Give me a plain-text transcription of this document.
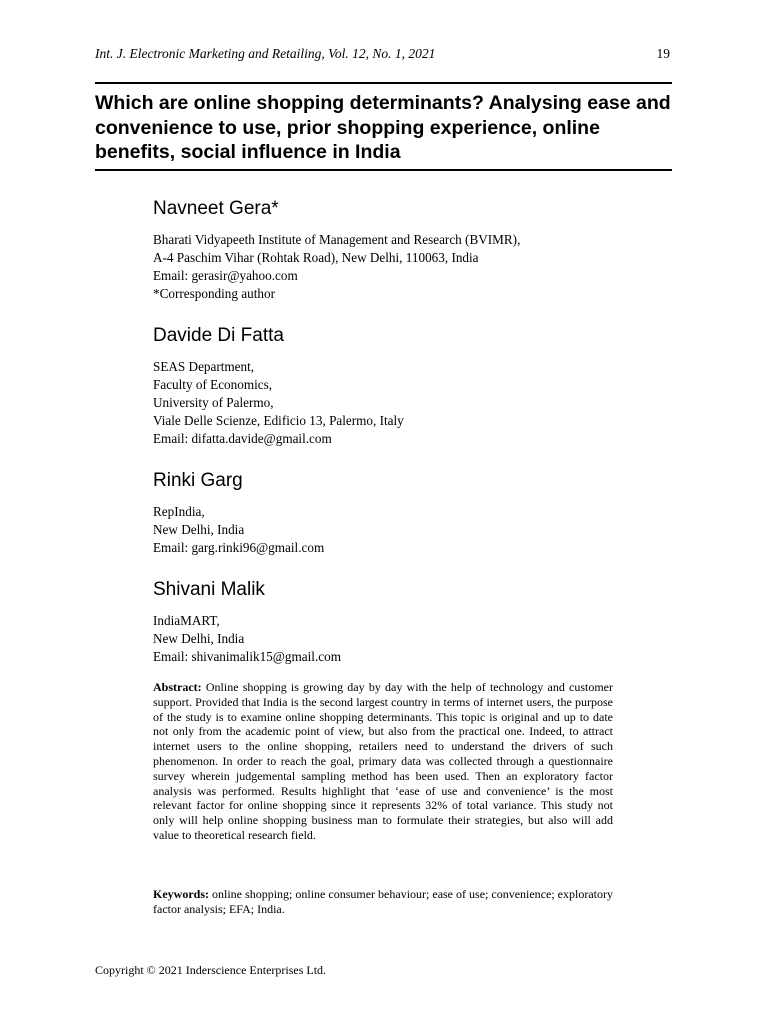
Int. J. Electronic Marketing and Retailing, Vol. 12, No. 1, 2021	19
Which are online shopping determinants? Analysing ease and convenience to use, prior shopping experience, online benefits, social influence in India
Navneet Gera*
Bharati Vidyapeeth Institute of Management and Research (BVIMR),
A-4 Paschim Vihar (Rohtak Road), New Delhi, 110063, India
Email: gerasir@yahoo.com
*Corresponding author
Davide Di Fatta
SEAS Department,
Faculty of Economics,
University of Palermo,
Viale Delle Scienze, Edificio 13, Palermo, Italy
Email: difatta.davide@gmail.com
Rinki Garg
RepIndia,
New Delhi, India
Email: garg.rinki96@gmail.com
Shivani Malik
IndiaMART,
New Delhi, India
Email: shivanimalik15@gmail.com

Abstract: Online shopping is growing day by day with the help of technology and customer support. Provided that India is the second largest country in terms of internet users, the purpose of the study is to examine online shopping determinants. This topic is original and up to date not only from the academic point of view, but also from the practical one. Indeed, to attract internet users to the online shopping, retailers need to understand the drivers of such phenomenon. In order to reach the goal, primary data was collected through a questionnaire survey wherein judgemental sampling method has been used. Then an exploratory factor analysis was performed. Results highlight that ‘ease of use and convenience’ is the most relevant factor for online shopping since it represents 32% of total variance. This study not only will help online shopping business man to formulate their strategies, but also will add value to theoretical research field.

Keywords: online shopping; online consumer behaviour; ease of use; convenience; exploratory factor analysis; EFA; India.

Copyright © 2021 Inderscience Enterprises Ltd.
